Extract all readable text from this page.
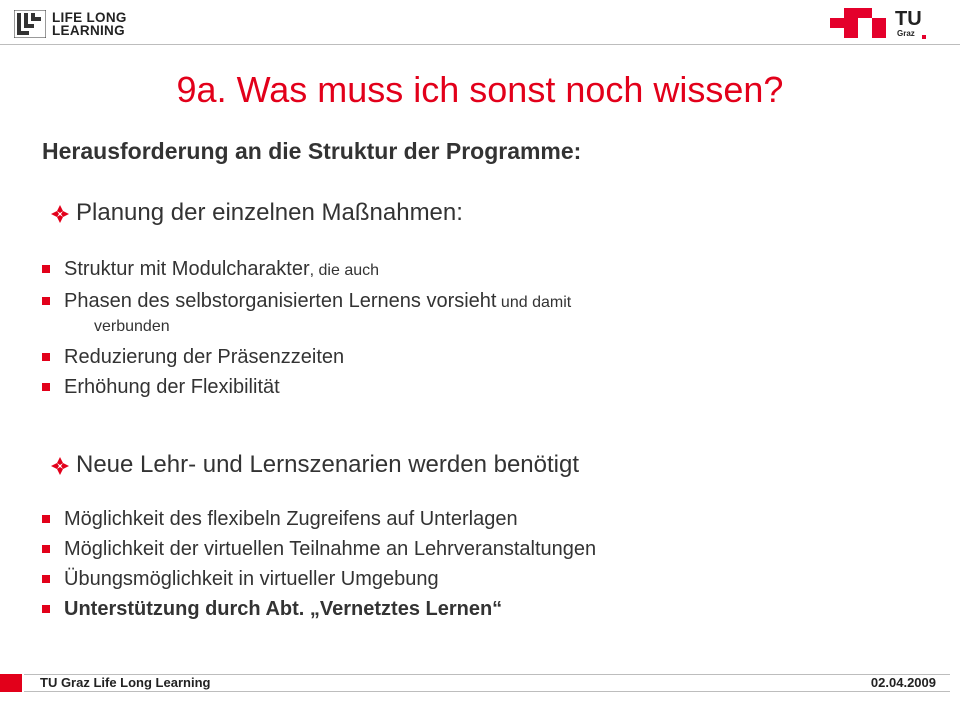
LIFE LONG
LEARNING
TU
Graz
9a. Was muss ich sonst noch wissen?
Herausforderung an die Struktur der Programme:
Planung der einzelnen Maßnahmen:
Struktur mit Modulcharakter, die auch
Phasen des selbstorganisierten Lernens vorsieht und damit
verbunden
Reduzierung der Präsenzzeiten
Erhöhung der Flexibilität
Neue Lehr- und Lernszenarien werden benötigt
Möglichkeit des flexibeln Zugreifens auf Unterlagen
Möglichkeit der virtuellen Teilnahme an Lehrveranstaltungen
Übungsmöglichkeit in virtueller Umgebung
Unterstützung durch Abt. „Vernetztes Lernen“
TU Graz Life Long Learning	02.04.2009
